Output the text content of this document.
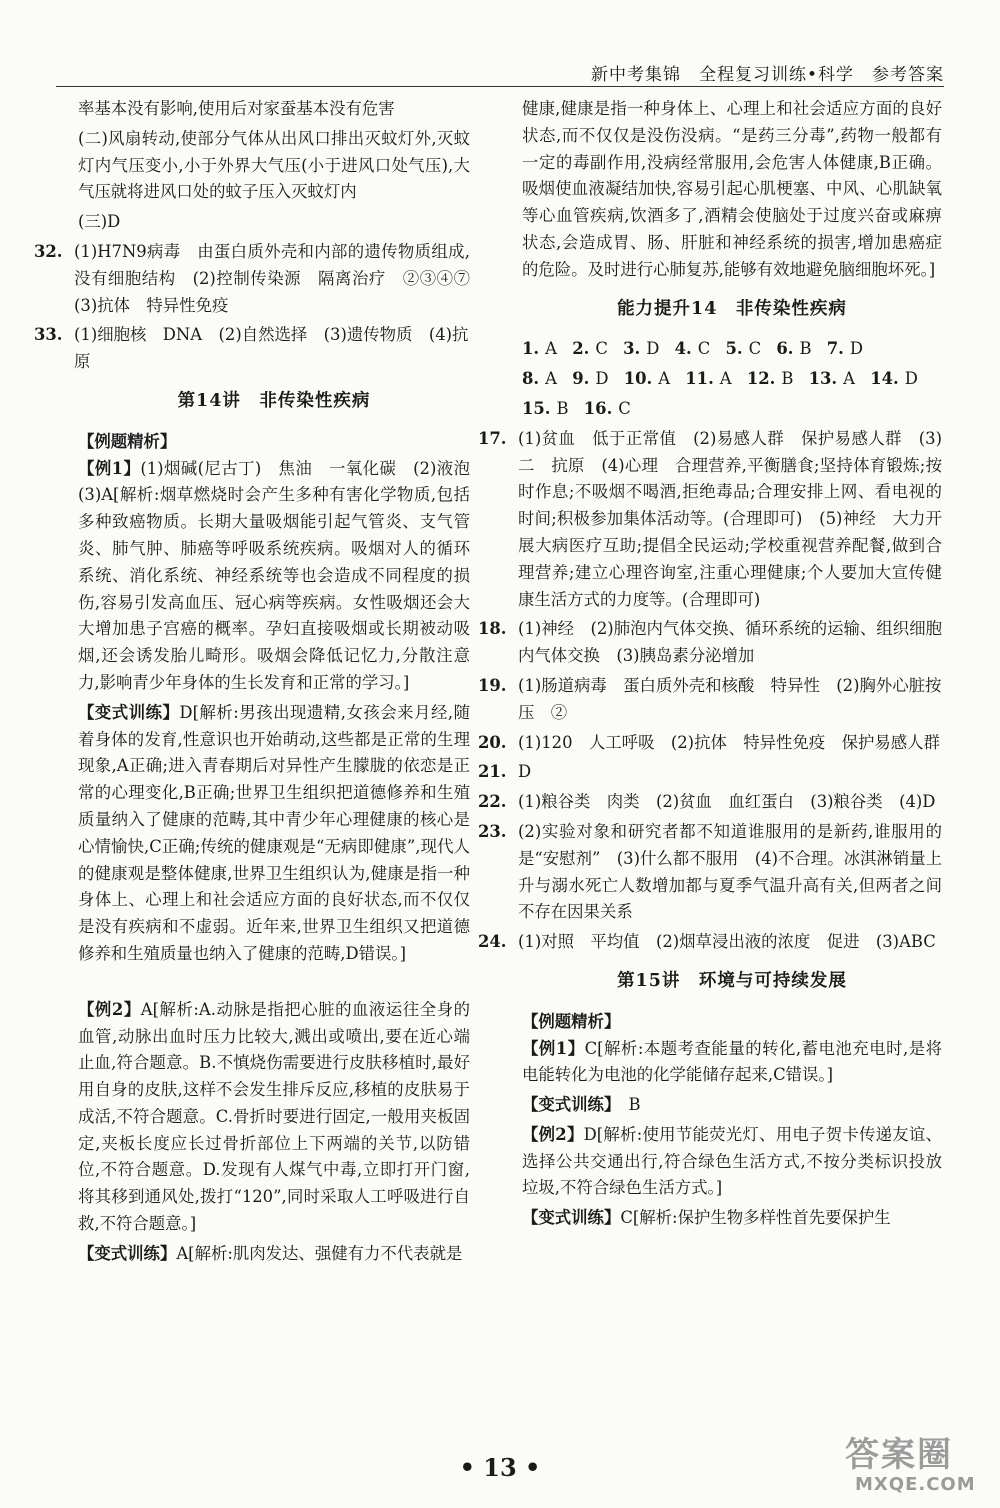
新中考集锦　全程复习训练•科学　参考答案
率基本没有影响,使用后对家蚕基本没有危害
(二)风扇转动,使部分气体从出风口排出灭蚊灯外,灭蚊灯内气压变小,小于外界大气压(小于进风口处气压),大气压就将进风口处的蚊子压入灭蚊灯内
(三)D
32. (1)H7N9病毒　由蛋白质外壳和内部的遗传物质组成,没有细胞结构　(2)控制传染源　隔离治疗　②③④⑦　(3)抗体　特异性免疫
33. (1)细胞核　DNA　(2)自然选择　(3)遗传物质　(4)抗原
第14讲　非传染性疾病
【例题精析】
【例1】(1)烟碱(尼古丁)　焦油　一氧化碳　(2)液泡　(3)A[解析:烟草燃烧时会产生多种有害化学物质,包括多种致癌物质。长期大量吸烟能引起气管炎、支气管炎、肺气肿、肺癌等呼吸系统疾病。吸烟对人的循环系统、消化系统、神经系统等也会造成不同程度的损伤,容易引发高血压、冠心病等疾病。女性吸烟还会大大增加患子宫癌的概率。孕妇直接吸烟或长期被动吸烟,还会诱发胎儿畸形。吸烟会降低记忆力,分散注意力,影响青少年身体的生长发育和正常的学习。]
【变式训练】D[解析:男孩出现遗精,女孩会来月经,随着身体的发育,性意识也开始萌动,这些都是正常的生理现象,A正确;进入青春期后对异性产生朦胧的依恋是正常的心理变化,B正确;世界卫生组织把道德修养和生殖质量纳入了健康的范畴,其中青少年心理健康的核心是心情愉快,C正确;传统的健康观是“无病即健康”,现代人的健康观是整体健康,世界卫生组织认为,健康是指一种身体上、心理上和社会适应方面的良好状态,而不仅仅是没有疾病和不虚弱。近年来,世界卫生组织又把道德修养和生殖质量也纳入了健康的范畴,D错误。]
【例2】A[解析:A.动脉是指把心脏的血液运往全身的血管,动脉出血时压力比较大,溅出或喷出,要在近心端止血,符合题意。B.不慎烧伤需要进行皮肤移植时,最好用自身的皮肤,这样不会发生排斥反应,移植的皮肤易于成活,不符合题意。C.骨折时要进行固定,一般用夹板固定,夹板长度应长过骨折部位上下两端的关节,以防错位,不符合题意。D.发现有人煤气中毒,立即打开门窗,将其移到通风处,拨打“120”,同时采取人工呼吸进行自救,不符合题意。]
【变式训练】A[解析:肌肉发达、强健有力不代表就是
健康,健康是指一种身体上、心理上和社会适应方面的良好状态,而不仅仅是没伤没病。“是药三分毒”,药物一般都有一定的毒副作用,没病经常服用,会危害人体健康,B正确。吸烟使血液凝结加快,容易引起心肌梗塞、中风、心肌缺氧等心血管疾病,饮酒多了,酒精会使脑处于过度兴奋或麻痹状态,会造成胃、肠、肝脏和神经系统的损害,增加患癌症的危险。及时进行心肺复苏,能够有效地避免脑细胞坏死。]
能力提升14　非传染性疾病
1. A 2. C 3. D 4. C 5. C 6. B 7. D
8. A 9. D 10. A 11. A 12. B 13. A 14. D
15. B 16. C
17. (1)贫血　低于正常值　(2)易感人群　保护易感人群　(3)二　抗原　(4)心理　合理营养,平衡膳食;坚持体育锻炼;按时作息;不吸烟不喝酒,拒绝毒品;合理安排上网、看电视的时间;积极参加集体活动等。(合理即可)　(5)神经　大力开展大病医疗互助;提倡全民运动;学校重视营养配餐,做到合理营养;建立心理咨询室,注重心理健康;个人要加大宣传健康生活方式的力度等。(合理即可)
18. (1)神经　(2)肺泡内气体交换、循环系统的运输、组织细胞内气体交换　(3)胰岛素分泌增加
19. (1)肠道病毒　蛋白质外壳和核酸　特异性　(2)胸外心脏按压　②
20. (1)120　人工呼吸　(2)抗体　特异性免疫　保护易感人群
21. D
22. (1)粮谷类　肉类　(2)贫血　血红蛋白　(3)粮谷类　(4)D
23. (2)实验对象和研究者都不知道谁服用的是新药,谁服用的是“安慰剂”　(3)什么都不服用　(4)不合理。冰淇淋销量上升与溺水死亡人数增加都与夏季气温升高有关,但两者之间不存在因果关系
24. (1)对照　平均值　(2)烟草浸出液的浓度　促进　(3)ABC
第15讲　环境与可持续发展
【例题精析】
【例1】C[解析:本题考查能量的转化,蓄电池充电时,是将电能转化为电池的化学能储存起来,C错误。]
【变式训练】　 B
【例2】D[解析:使用节能荧光灯、用电子贺卡传递友谊、选择公共交通出行,符合绿色生活方式,不按分类标识投放垃圾,不符合绿色生活方式。]
【变式训练】C[解析:保护生物多样性首先要保护生
• 13 •	答案圈
MXQE.COM
